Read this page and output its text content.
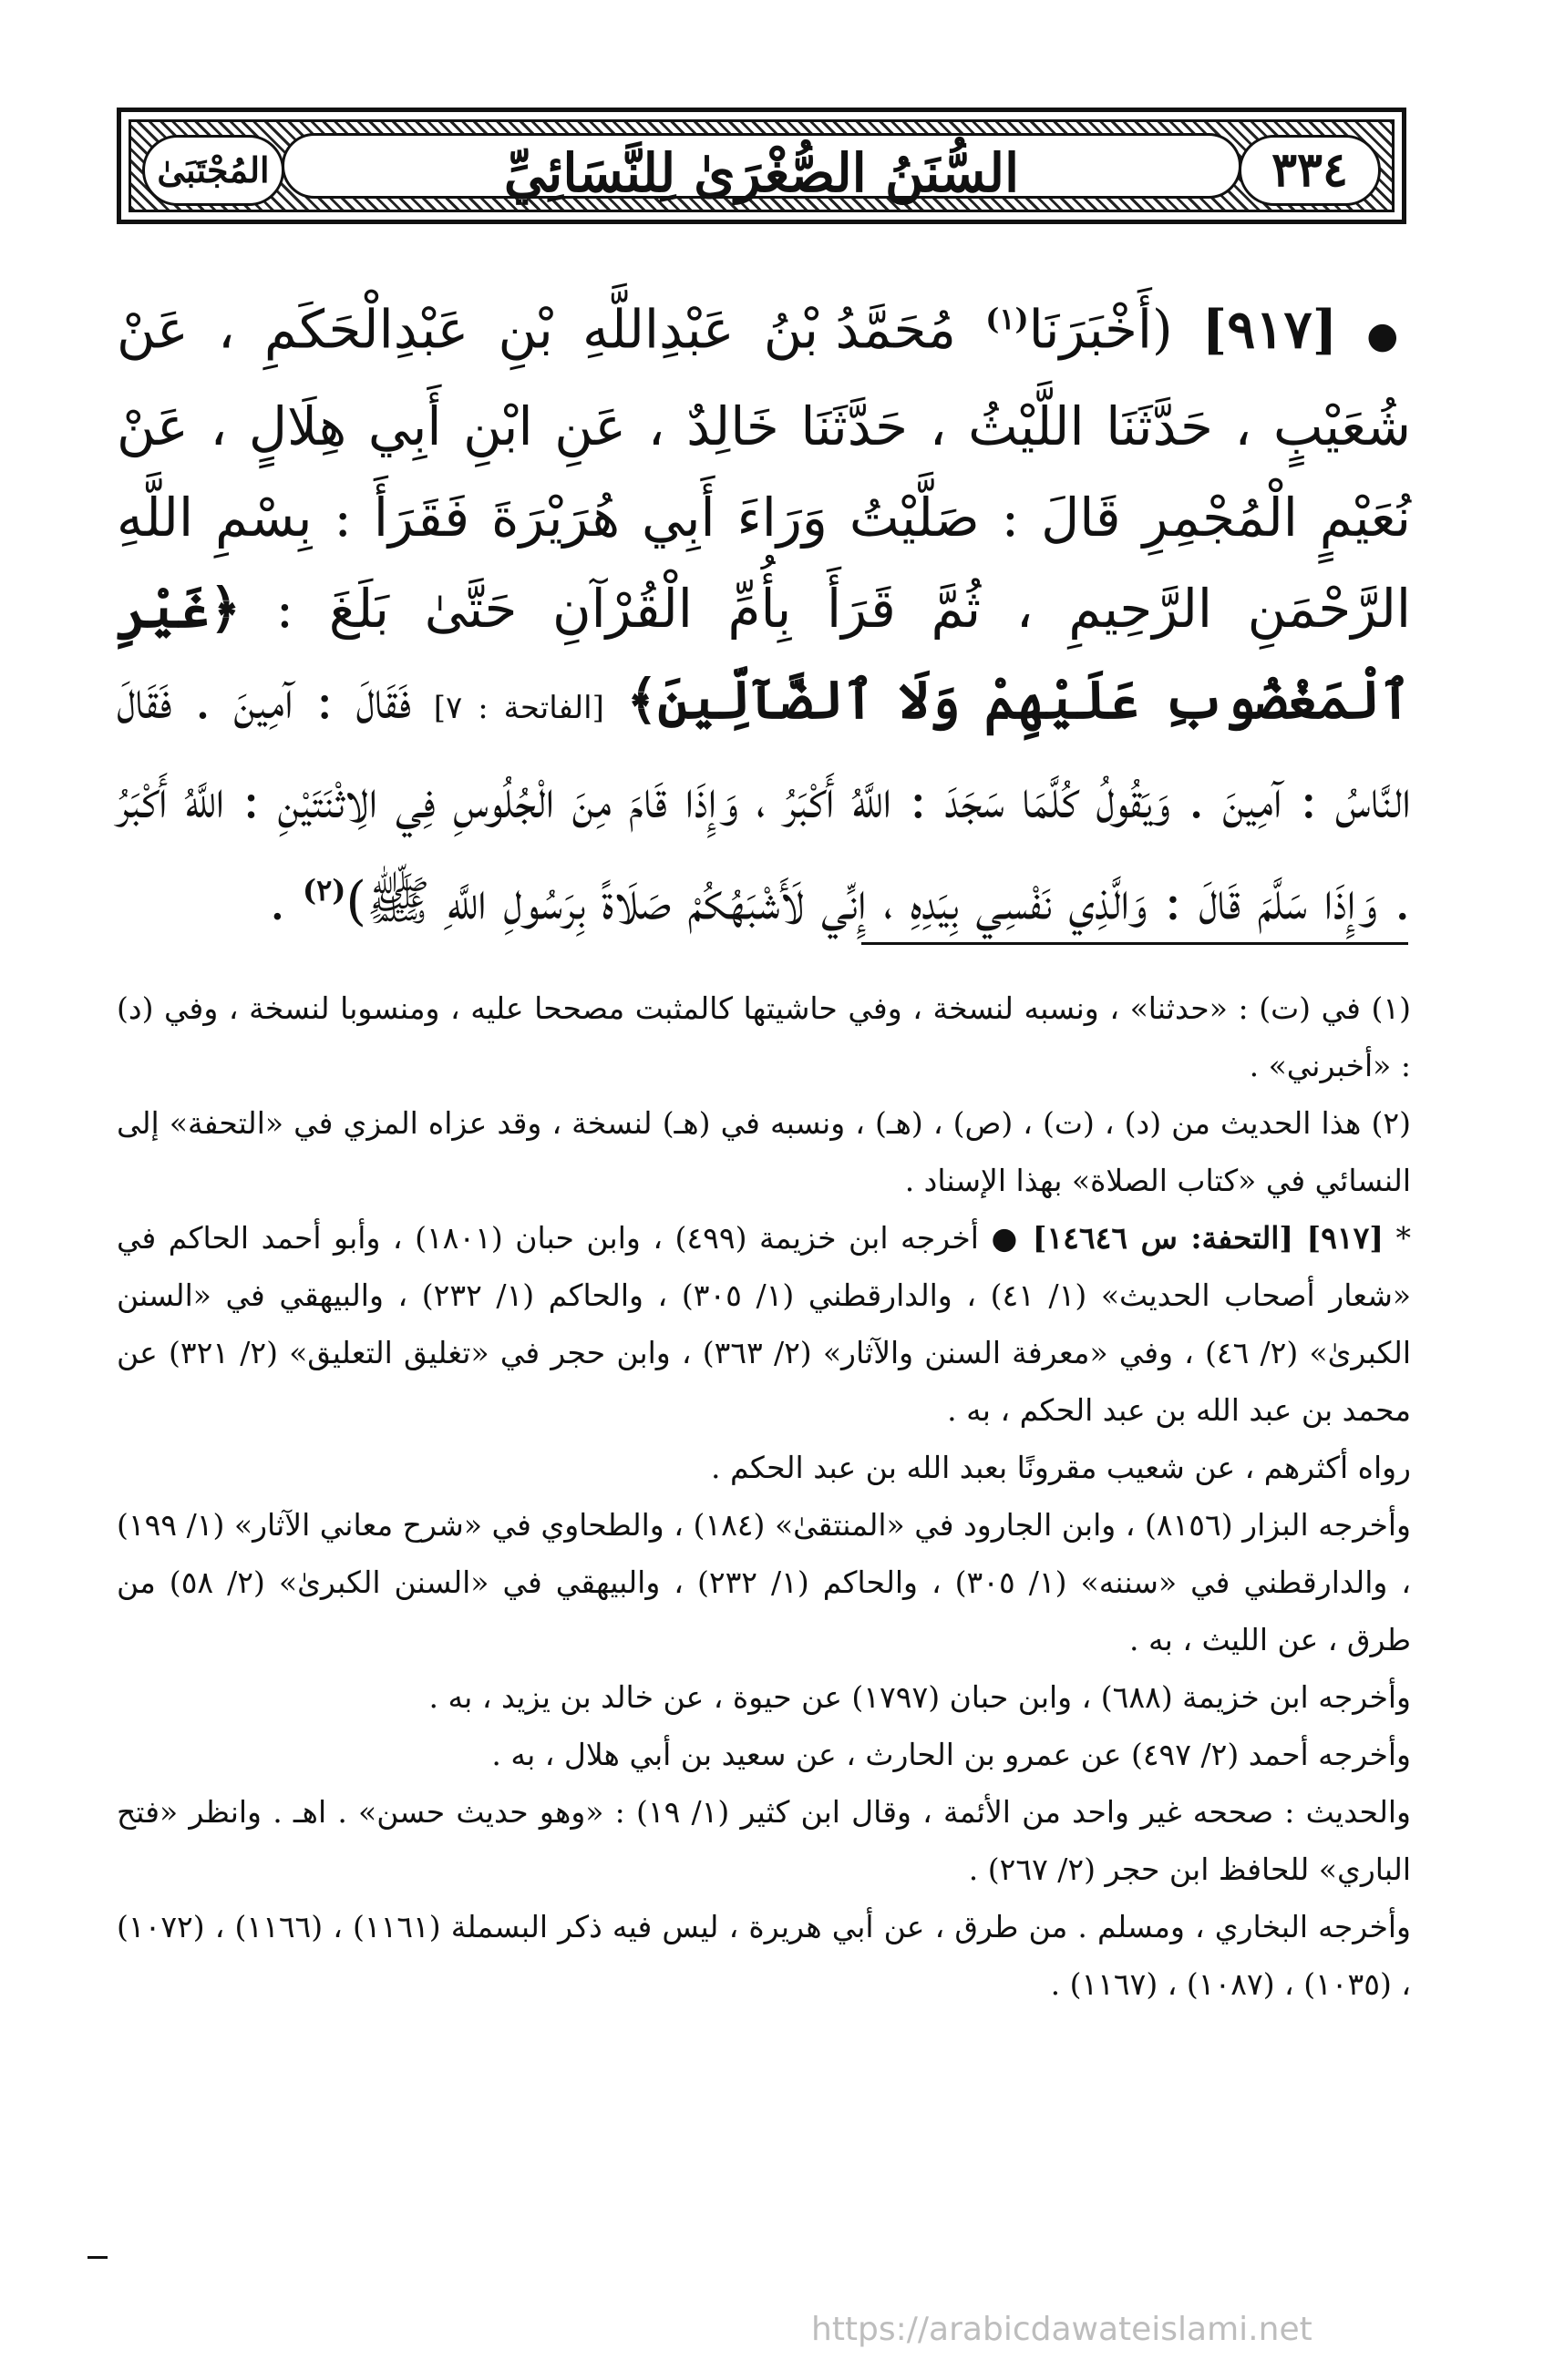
السُّنَنُ الصُّغْرَىٰ لِلنَّسَائِيِّ	٣٣٤
المُجْتَبَىٰ
● [٩١٧] (أَخْبَرَنَا$^{(١)}$ مُحَمَّدُ بْنُ عَبْدِاللَّهِ بْنِ عَبْدِالْحَكَمِ ، عَنْ شُعَيْبٍ ، حَدَّثَنَا اللَّيْثُ ، حَدَّثَنَا خَالِدٌ ، عَنِ ابْنِ أَبِي هِلَالٍ ، عَنْ نُعَيْمٍ الْمُجْمِرِ قَالَ : صَلَّيْتُ وَرَاءَ أَبِي هُرَيْرَةَ فَقَرَأَ : بِسْمِ اللَّهِ الرَّحْمَنِ الرَّحِيمِ ، ثُمَّ قَرَأَ بِأُمِّ الْقُرْآنِ حَتَّىٰ بَلَغَ : ﴿غَيْرِ ٱلْمَغْضُوبِ عَلَيْهِمْ وَلَا ٱلضَّآلِّينَ﴾ [الفاتحة : ٧] فَقَالَ : آمِينَ . فَقَالَ النَّاسُ : آمِينَ . وَيَقُولُ كُلَّمَا سَجَدَ : اللَّهُ أَكْبَرُ ، وَإِذَا قَامَ مِنَ الْجُلُوسِ فِي الِاثْنَتَيْنِ : اللَّهُ أَكْبَرُ . وَإِذَا سَلَّمَ قَالَ : وَالَّذِي نَفْسِي بِيَدِهِ ، إِنِّي لَأَشْبَهُكُمْ صَلَاةً بِرَسُولِ اللَّهِ ﷺ)$^{(٢)}$ .

(١) في (ت) : «حدثنا» ، ونسبه لنسخة ، وفي حاشيتها كالمثبت مصححا عليه ، ومنسوبا لنسخة ، وفي (د) : «أخبرني» .

(٢) هذا الحديث من (د) ، (ت) ، (ص) ، (هـ) ، ونسبه في (هـ) لنسخة ، وقد عزاه المزي في «التحفة» إلى النسائي في «كتاب الصلاة» بهذا الإسناد .

* [٩١٧] [التحفة: س ١٤٦٤٦] ● أخرجه ابن خزيمة (٤٩٩) ، وابن حبان (١٨٠١) ، وأبو أحمد الحاكم في «شعار أصحاب الحديث» (١/ ٤١) ، والدارقطني (١/ ٣٠٥) ، والحاكم (١/ ٢٣٢) ، والبيهقي في «السنن الكبرىٰ» (٢/ ٤٦) ، وفي «معرفة السنن والآثار» (٢/ ٣٦٣) ، وابن حجر في «تغليق التعليق» (٢/ ٣٢١) عن محمد بن عبد الله بن عبد الحكم ، به .

رواه أكثرهم ، عن شعيب مقرونًا بعبد الله بن عبد الحكم .

وأخرجه البزار (٨١٥٦) ، وابن الجارود في «المنتقىٰ» (١٨٤) ، والطحاوي في «شرح معاني الآثار» (١/ ١٩٩) ، والدارقطني في «سننه» (١/ ٣٠٥) ، والحاكم (١/ ٢٣٢) ، والبيهقي في «السنن الكبرىٰ» (٢/ ٥٨) من طرق ، عن الليث ، به .

وأخرجه ابن خزيمة (٦٨٨) ، وابن حبان (١٧٩٧) عن حيوة ، عن خالد بن يزيد ، به .

وأخرجه أحمد (٢/ ٤٩٧) عن عمرو بن الحارث ، عن سعيد بن أبي هلال ، به .

والحديث : صححه غير واحد من الأئمة ، وقال ابن كثير (١/ ١٩) : «وهو حديث حسن» . اهـ . وانظر «فتح الباري» للحافظ ابن حجر (٢/ ٢٦٧) .

وأخرجه البخاري ، ومسلم . من طرق ، عن أبي هريرة ، ليس فيه ذكر البسملة (١١٦١) ، (١١٦٦) ، (١٠٧٢) ، (١٠٣٥) ، (١٠٨٧) ، (١١٦٧) .

https://arabicdawateislami.net
